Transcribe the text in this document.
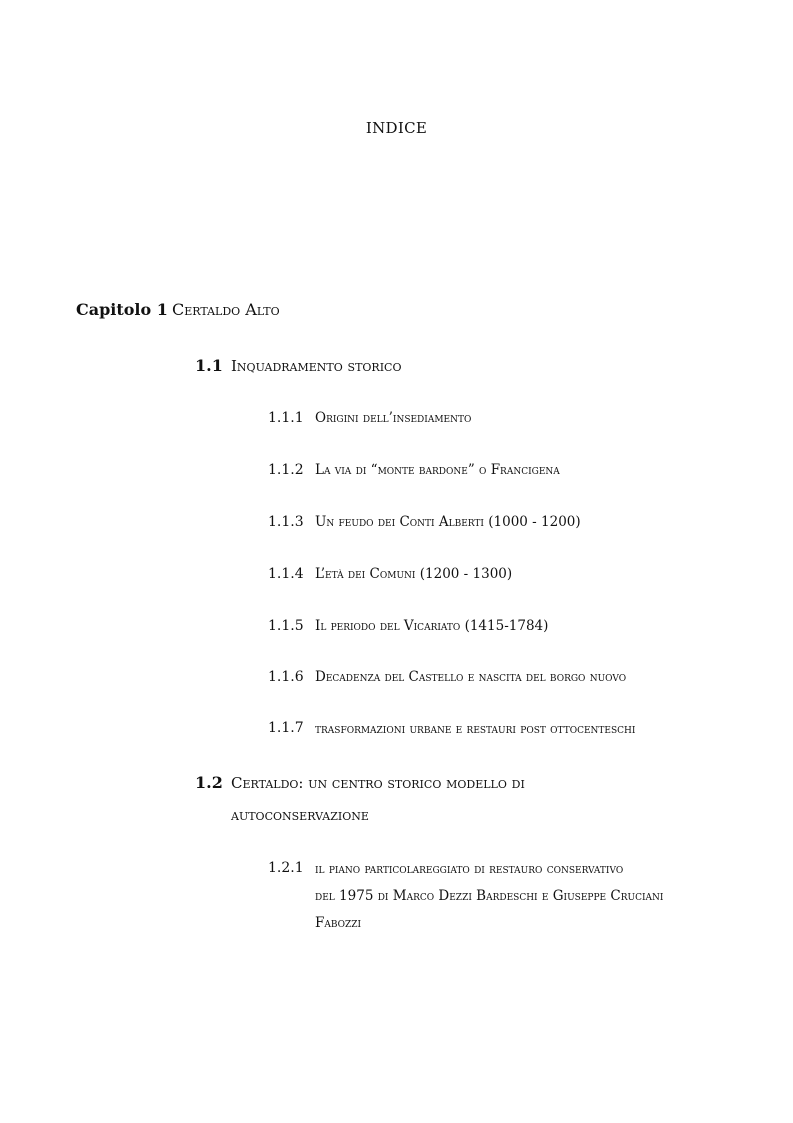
INDICE
Capitolo 1 Certaldo Alto
1.1 Inquadramento storico
1.1.1 Origini dell’insediamento
1.1.2 La via di “monte bardone” o Francigena
1.1.3 Un feudo dei Conti Alberti (1000 - 1200)
1.1.4 L’età dei Comuni (1200 - 1300)
1.1.5 Il periodo del Vicariato (1415-1784)
1.1.6 Decadenza del Castello e nascita del borgo nuovo
1.1.7 trasformazioni urbane e restauri post ottocenteschi
1.2 Certaldo: un centro storico modello di
autoconservazione
1.2.1 il piano particolareggiato di restauro conservativo
del 1975 di Marco Dezzi Bardeschi e Giuseppe Cruciani
Fabozzi
